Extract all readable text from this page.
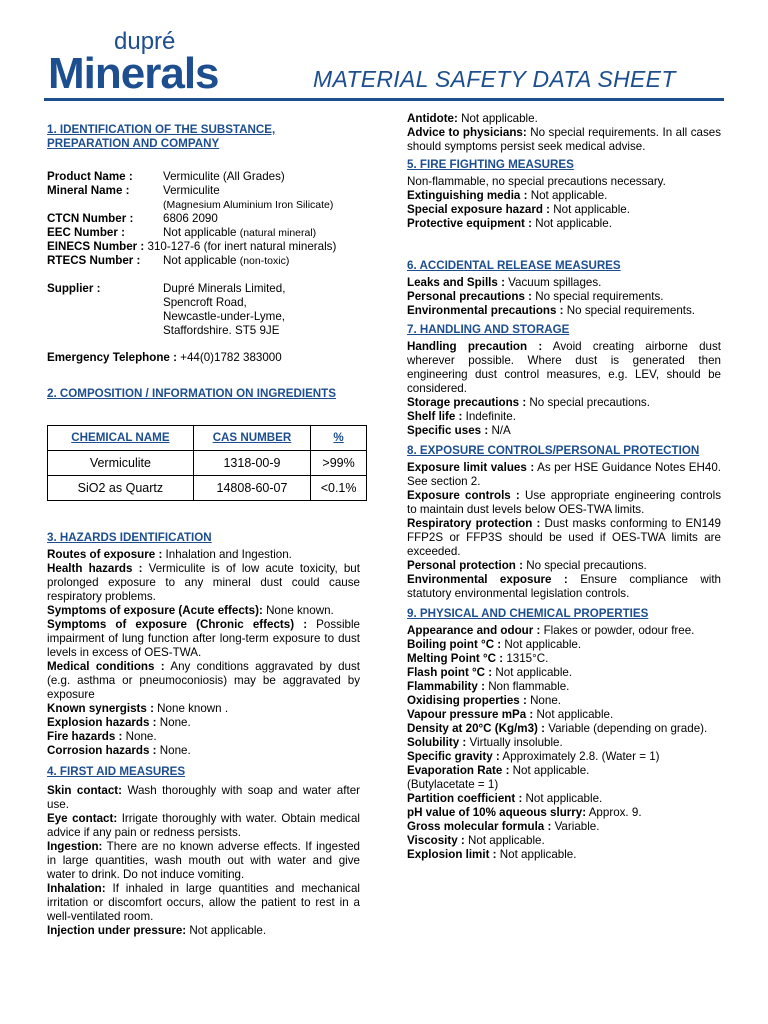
dupré
Minerals	MATERIAL SAFETY DATA SHEET

1. IDENTIFICATION OF THE SUBSTANCE, PREPARATION AND COMPANY

Product Name :	Vermiculite (All Grades)
Mineral Name :	Vermiculite
(Magnesium Aluminium Iron Silicate)
CTCN Number :	6806 2090
EEC Number :	Not applicable (natural mineral)

EINECS Number : 310-127-6 (for inert natural minerals)

RTECS Number :	Not applicable (non-toxic)
Supplier :	Dupré Minerals Limited,
Spencroft Road,
Newcastle-under-Lyme,
Staffordshire. ST5 9JE

Emergency Telephone : +44(0)1782 383000

2. COMPOSITION / INFORMATION ON INGREDIENTS

CHEMICAL NAME	CAS NUMBER	%
Vermiculite	1318-00-9	>99%
SiO2 as Quartz	14808-60-07	<0.1%

3. HAZARDS IDENTIFICATION

Routes of exposure : Inhalation and Ingestion.

Health hazards : Vermiculite is of low acute toxicity, but prolonged exposure to any mineral dust could cause respiratory problems.

Symptoms of exposure (Acute effects): None known.

Symptoms of exposure (Chronic effects) : Possible impairment of lung function after long-term exposure to dust levels in excess of OES-TWA.

Medical conditions : Any conditions aggravated by dust (e.g. asthma or pneumoconiosis) may be aggravated by exposure

Known synergists : None known .

Explosion hazards : None.

Fire hazards : None.

Corrosion hazards : None.

4. FIRST AID MEASURES

Skin contact: Wash thoroughly with soap and water after use.

Eye contact: Irrigate thoroughly with water. Obtain medical advice if any pain or redness persists.

Ingestion: There are no known adverse effects. If ingested in large quantities, wash mouth out with water and give water to drink. Do not induce vomiting.

Inhalation: If inhaled in large quantities and mechanical irritation or discomfort occurs, allow the patient to rest in a well-ventilated room.

Injection under pressure: Not applicable.

Antidote: Not applicable.

Advice to physicians: No special requirements. In all cases should symptoms persist seek medical advise.

5. FIRE FIGHTING MEASURES

Non-flammable, no special precautions necessary.

Extinguishing media : Not applicable.

Special exposure hazard : Not applicable.

Protective equipment : Not applicable.

6. ACCIDENTAL RELEASE MEASURES

Leaks and Spills : Vacuum spillages.

Personal precautions : No special requirements.

Environmental precautions : No special requirements.

7. HANDLING AND STORAGE

Handling precaution : Avoid creating airborne dust wherever possible. Where dust is generated then engineering dust control measures, e.g. LEV, should be considered.

Storage precautions : No special precautions.

Shelf life : Indefinite.

Specific uses : N/A

8. EXPOSURE CONTROLS/PERSONAL PROTECTION

Exposure limit values : As per HSE Guidance Notes EH40. See section 2.

Exposure controls : Use appropriate engineering controls to maintain dust levels below OES-TWA limits.

Respiratory protection : Dust masks conforming to EN149 FFP2S or FFP3S should be used if OES-TWA limits are exceeded.

Personal protection : No special precautions.

Environmental exposure : Ensure compliance with statutory environmental legislation controls.

9. PHYSICAL AND CHEMICAL PROPERTIES

Appearance and odour : Flakes or powder, odour free.

Boiling point °C : Not applicable.

Melting Point °C : 1315°C.

Flash point °C : Not applicable.

Flammability : Non flammable.

Oxidising properties : None.

Vapour pressure mPa : Not applicable.

Density at 20°C (Kg/m3) : Variable (depending on grade).

Solubility : Virtually insoluble.

Specific gravity : Approximately 2.8. (Water = 1)

Evaporation Rate : Not applicable.

(Butylacetate = 1)

Partition coefficient : Not applicable.

pH value of 10% aqueous slurry: Approx. 9.

Gross molecular formula : Variable.

Viscosity : Not applicable.

Explosion limit : Not applicable.
